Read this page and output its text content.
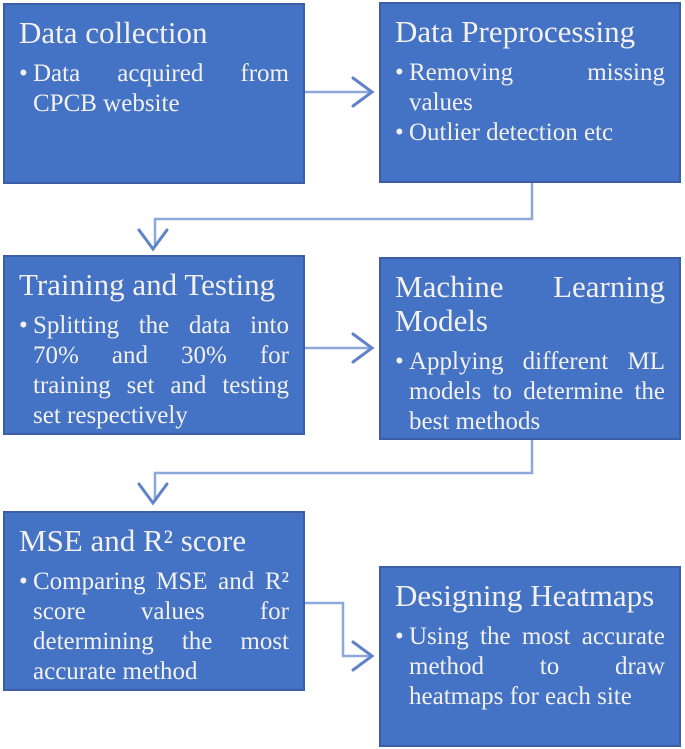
Data collection
• Data acquired from
CPCB website
Data Preprocessing
• Removing missing
values
• Outlier detection etc
Training and Testing
• Splitting the data into
70% and 30% for
training set and testing
set respectively
Machine Learning
Models
• Applying different ML
models to determine the
best methods
MSE and R² score
• Comparing MSE and R²
score values for
determining the most
accurate method
Designing Heatmaps
• Using the most accurate
method to draw
heatmaps for each site
